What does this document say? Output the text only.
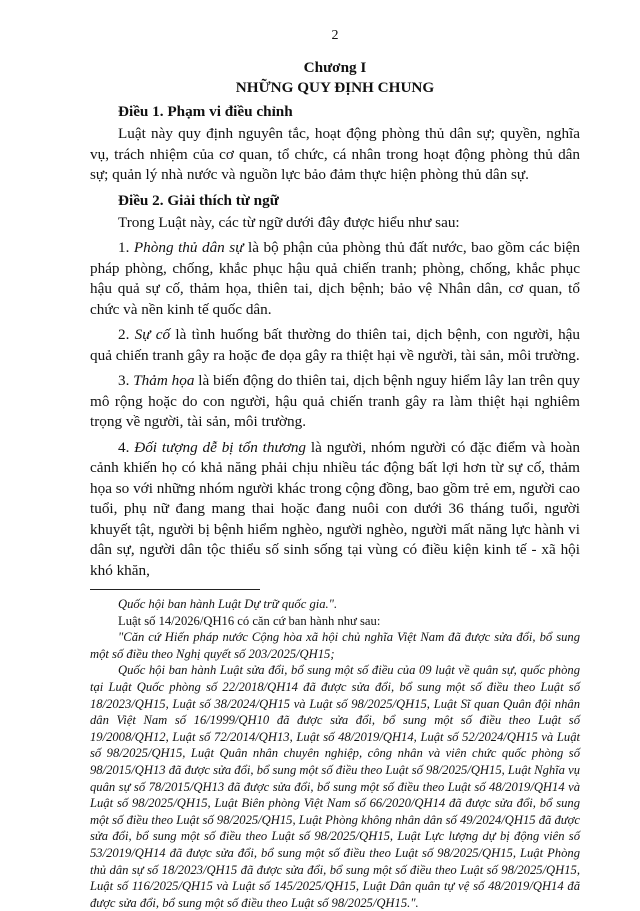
2
Chương I
NHỮNG QUY ĐỊNH CHUNG
Điều 1. Phạm vi điều chỉnh

Luật này quy định nguyên tắc, hoạt động phòng thủ dân sự; quyền, nghĩa vụ, trách nhiệm của cơ quan, tổ chức, cá nhân trong hoạt động phòng thủ dân sự; quản lý nhà nước và nguồn lực bảo đảm thực hiện phòng thủ dân sự.

Điều 2. Giải thích từ ngữ

Trong Luật này, các từ ngữ dưới đây được hiểu như sau:

1. Phòng thủ dân sự là bộ phận của phòng thủ đất nước, bao gồm các biện pháp phòng, chống, khắc phục hậu quả chiến tranh; phòng, chống, khắc phục hậu quả sự cố, thảm họa, thiên tai, dịch bệnh; bảo vệ Nhân dân, cơ quan, tổ chức và nền kinh tế quốc dân.

2. Sự cố là tình huống bất thường do thiên tai, dịch bệnh, con người, hậu quả chiến tranh gây ra hoặc đe dọa gây ra thiệt hại về người, tài sản, môi trường.

3. Thảm họa là biến động do thiên tai, dịch bệnh nguy hiểm lây lan trên quy mô rộng hoặc do con người, hậu quả chiến tranh gây ra làm thiệt hại nghiêm trọng về người, tài sản, môi trường.

4. Đối tượng dễ bị tổn thương là người, nhóm người có đặc điểm và hoàn cảnh khiến họ có khả năng phải chịu nhiều tác động bất lợi hơn từ sự cố, thảm họa so với những nhóm người khác trong cộng đồng, bao gồm trẻ em, người cao tuổi, phụ nữ đang mang thai hoặc đang nuôi con dưới 36 tháng tuổi, người khuyết tật, người bị bệnh hiểm nghèo, người nghèo, người mất năng lực hành vi dân sự, người dân tộc thiểu số sinh sống tại vùng có điều kiện kinh tế - xã hội khó khăn,

Quốc hội ban hành Luật Dự trữ quốc gia.".

Luật số 14/2026/QH16 có căn cứ ban hành như sau:

"Căn cứ Hiến pháp nước Cộng hòa xã hội chủ nghĩa Việt Nam đã được sửa đổi, bổ sung một số điều theo Nghị quyết số 203/2025/QH15;

Quốc hội ban hành Luật sửa đổi, bổ sung một số điều của 09 luật về quân sự, quốc phòng tại Luật Quốc phòng số 22/2018/QH14 đã được sửa đổi, bổ sung một số điều theo Luật số 18/2023/QH15, Luật số 38/2024/QH15 và Luật số 98/2025/QH15, Luật Sĩ quan Quân đội nhân dân Việt Nam số 16/1999/QH10 đã được sửa đổi, bổ sung một số điều theo Luật số 19/2008/QH12, Luật số 72/2014/QH13, Luật số 48/2019/QH14, Luật số 52/2024/QH15 và Luật số 98/2025/QH15, Luật Quân nhân chuyên nghiệp, công nhân và viên chức quốc phòng số 98/2015/QH13 đã được sửa đổi, bổ sung một số điều theo Luật số 98/2025/QH15, Luật Nghĩa vụ quân sự số 78/2015/QH13 đã được sửa đổi, bổ sung một số điều theo Luật số 48/2019/QH14 và Luật số 98/2025/QH15, Luật Biên phòng Việt Nam số 66/2020/QH14 đã được sửa đổi, bổ sung một số điều theo Luật số 98/2025/QH15, Luật Phòng không nhân dân số 49/2024/QH15 đã được sửa đổi, bổ sung một số điều theo Luật số 98/2025/QH15, Luật Lực lượng dự bị động viên số 53/2019/QH14 đã được sửa đổi, bổ sung một số điều theo Luật số 98/2025/QH15, Luật Phòng thủ dân sự số 18/2023/QH15 đã được sửa đổi, bổ sung một số điều theo Luật số 98/2025/QH15, Luật số 116/2025/QH15 và Luật số 145/2025/QH15, Luật Dân quân tự vệ số 48/2019/QH14 đã được sửa đổi, bổ sung một số điều theo Luật số 98/2025/QH15.".
